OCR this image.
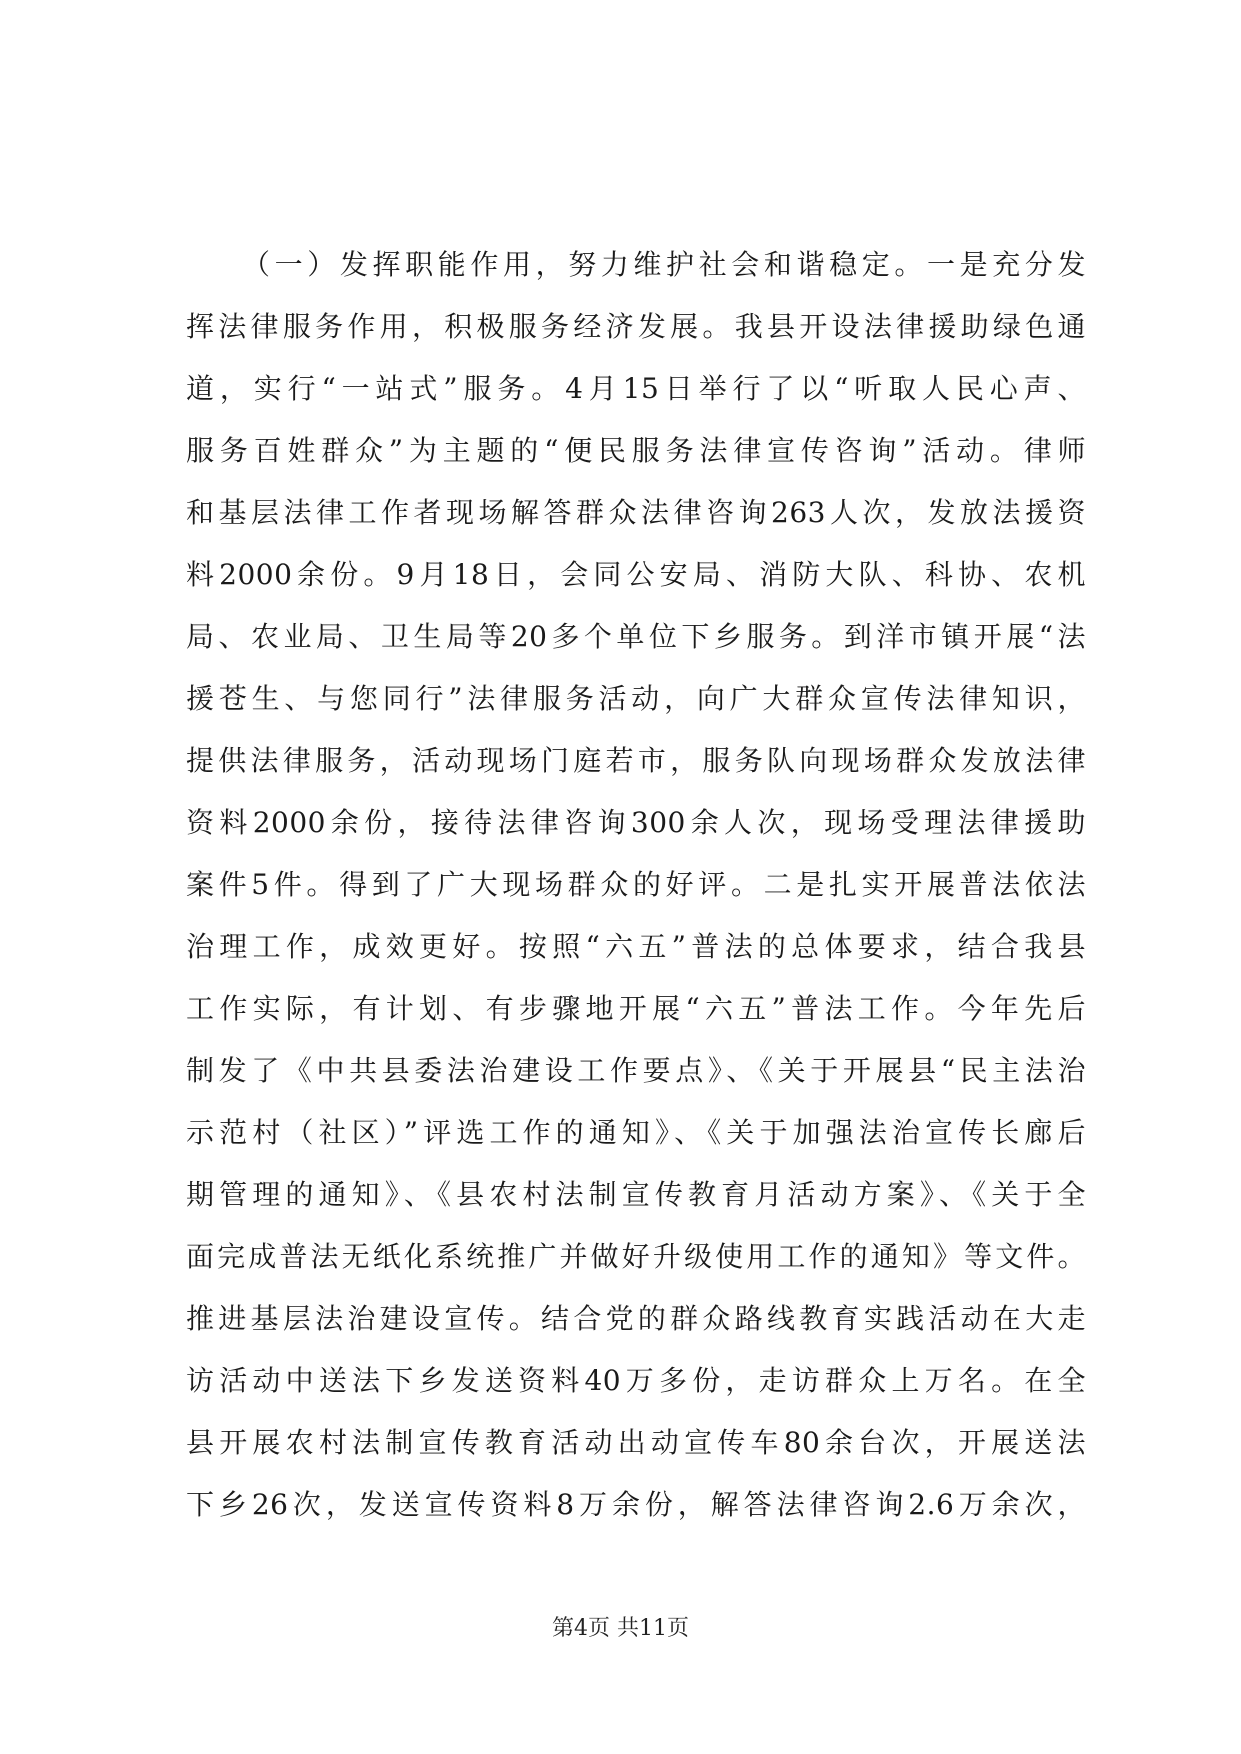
（一）发挥职能作用，努力维护社会和谐稳定。一是充分发
挥法律服务作用，积极服务经济发展。我县开设法律援助绿色通
道，实行“一站式”服务。4月15日举行了以“听取人民心声、
服务百姓群众”为主题的“便民服务法律宣传咨询”活动。律师
和基层法律工作者现场解答群众法律咨询263人次，发放法援资
料2000余份。9月18日，会同公安局、消防大队、科协、农机
局、农业局、卫生局等20多个单位下乡服务。到洋市镇开展“法
援苍生、与您同行”法律服务活动，向广大群众宣传法律知识，
提供法律服务，活动现场门庭若市，服务队向现场群众发放法律
资料2000余份，接待法律咨询300余人次，现场受理法律援助
案件5件。得到了广大现场群众的好评。二是扎实开展普法依法
治理工作，成效更好。按照“六五”普法的总体要求，结合我县
工作实际，有计划、有步骤地开展“六五”普法工作。今年先后
制发了《中共县委法治建设工作要点》、《关于开展县“民主法治
示范村（社区）”评选工作的通知》、《关于加强法治宣传长廊后
期管理的通知》、《县农村法制宣传教育月活动方案》、《关于全
面完成普法无纸化系统推广并做好升级使用工作的通知》等文件。
推进基层法治建设宣传。结合党的群众路线教育实践活动在大走
访活动中送法下乡发送资料40万多份，走访群众上万名。在全
县开展农村法制宣传教育活动出动宣传车80余台次，开展送法
下乡26次，发送宣传资料8万余份，解答法律咨询2.6万余次，
第4页 共11页
